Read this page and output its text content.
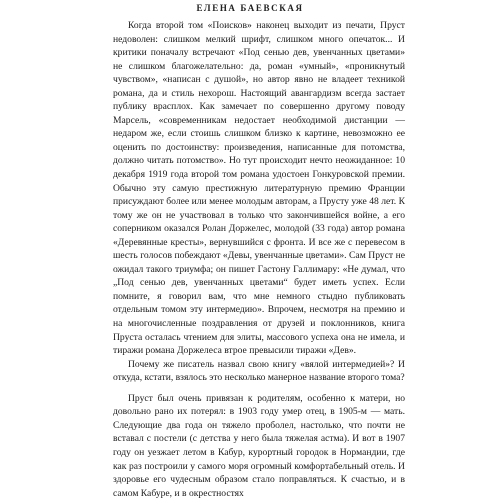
ЕЛЕНА БАЕВСКАЯ

Когда второй том «Поисков» наконец выходит из печати, Пруст недоволен: слишком мелкий шрифт, слишком много опечаток... И критики поначалу встречают «Под сенью дев, увенчанных цветами» не слишком благожелательно: да, роман «умный», «проникнутый чувством», «написан с душой», но автор явно не владеет техникой романа, да и стиль нехорош. Настоящий авангардизм всегда застает публику врасплох. Как замечает по совершенно другому поводу Марсель, «современникам недостает необходимой дистанции — недаром же, если стоишь слишком близко к картине, невозможно ее оценить по достоинству: произведения, написанные для потомства, должно читать потомство». Но тут происходит нечто неожиданное: 10 декабря 1919 года второй том романа удостоен Гонкуровской премии. Обычно эту самую престижную литературную премию Франции присуждают более или менее молодым авторам, а Прусту уже 48 лет. К тому же он не участвовал в только что закончившейся войне, а его соперником оказался Ролан Доржелес, молодой (33 года) автор романа «Деревянные кресты», вернувшийся с фронта. И все же с перевесом в шесть голосов побеждают «Девы, увенчанные цветами». Сам Пруст не ожидал такого триумфа; он пишет Гастону Галлимару: «Не думал, что „Под сенью дев, увенчанных цветами“ будет иметь успех. Если помните, я говорил вам, что мне немного стыдно публиковать отдельным томом эту интермедию». Впрочем, несмотря на премию и на многочисленные поздравления от друзей и поклонников, книга Пруста осталась чтением для элиты, массового успеха она не имела, и тиражи романа Доржелеса втрое превысили тиражи «Дев».

Почему же писатель назвал свою книгу «вялой интермедией»? И откуда, кстати, взялось это несколько манерное название второго тома?

Пруст был очень привязан к родителям, особенно к матери, но довольно рано их потерял: в 1903 году умер отец, в 1905-м — мать. Следующие два года он тяжело проболел, настолько, что почти не вставал с постели (с детства у него была тяжелая астма). И вот в 1907 году он уезжает летом в Кабур, курортный городок в Нормандии, где как раз построили у самого моря огромный комфортабельный отель. И здоровье его чудесным образом стало поправляться. К счастью, и в самом Кабуре, и в окрестностях
